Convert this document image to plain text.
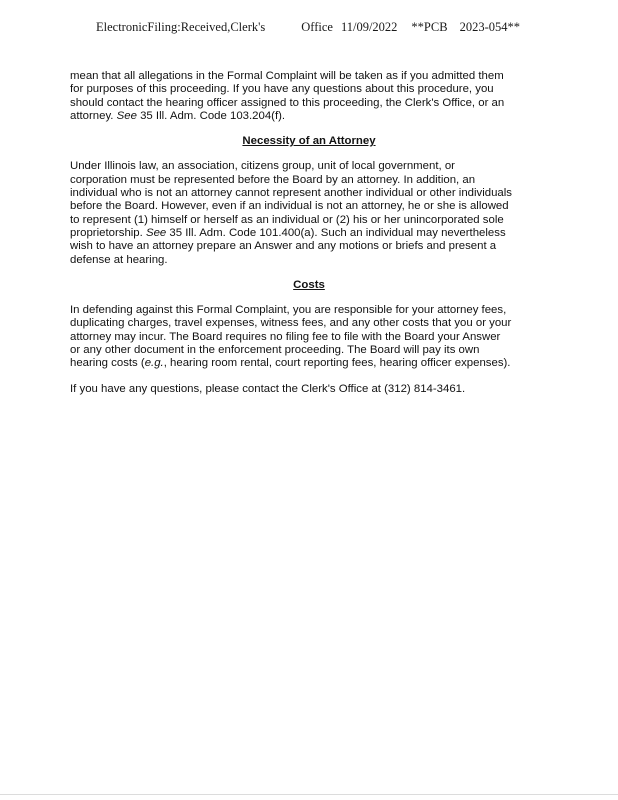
ElectronicFiling:Received,Clerk's	Office 11/09/2022 **PCB 2023-054**

mean that all allegations in the Formal Complaint will be taken as if you admitted them
for purposes of this proceeding. If you have any questions about this procedure, you
should contact the hearing officer assigned to this proceeding, the Clerk's Office, or an
attorney. See 35 Ill. Adm. Code 103.204(f).

Necessity of an Attorney

Under Illinois law, an association, citizens group, unit of local government, or
corporation must be represented before the Board by an attorney. In addition, an
individual who is not an attorney cannot represent another individual or other individuals
before the Board. However, even if an individual is not an attorney, he or she is allowed
to represent (1) himself or herself as an individual or (2) his or her unincorporated sole
proprietorship. See 35 Ill. Adm. Code 101.400(a). Such an individual may nevertheless
wish to have an attorney prepare an Answer and any motions or briefs and present a
defense at hearing.

Costs

In defending against this Formal Complaint, you are responsible for your attorney fees,
duplicating charges, travel expenses, witness fees, and any other costs that you or your
attorney may incur. The Board requires no filing fee to file with the Board your Answer
or any other document in the enforcement proceeding. The Board will pay its own
hearing costs (e.g., hearing room rental, court reporting fees, hearing officer expenses).

If you have any questions, please contact the Clerk's Office at (312) 814-3461.
